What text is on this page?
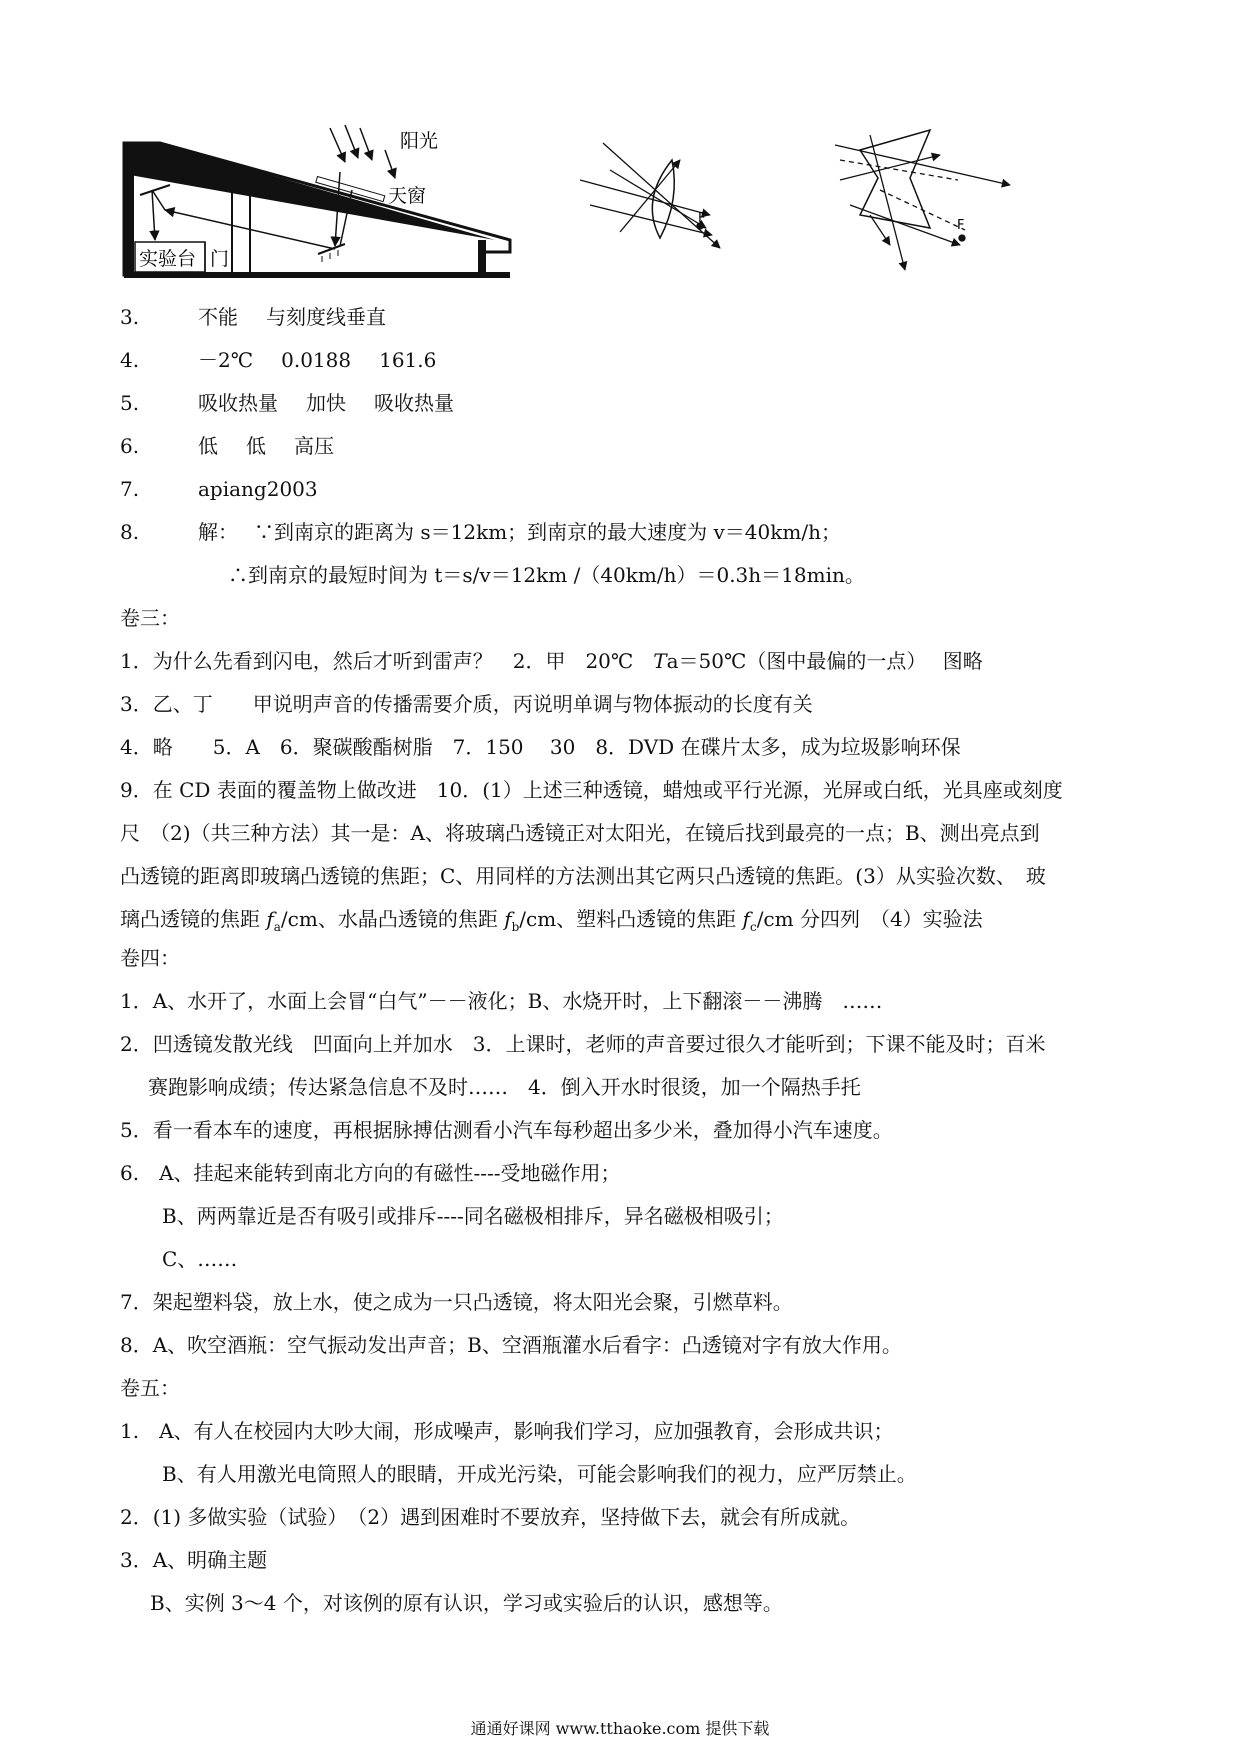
阳光
天窗
实验台 门
F	F
3.	不能 与刻度线垂直
4.	－2℃ 0.0188 161.6
5.	吸收热量 加快 吸收热量
6.	低 低 高压
7.	apiang2003
8.	解： ∵到南京的距离为 s＝12km；到南京的最大速度为 v＝40km/h；
∴到南京的最短时间为 t＝s/v＝12km /（40km/h）＝0.3h＝18min。
卷三：
1．为什么先看到闪电，然后才听到雷声？　2．甲　20℃　Ta＝50℃（图中最偏的一点）　 图略
3．乙、丁　　甲说明声音的传播需要介质，丙说明单调与物体振动的长度有关
4．略　　5．A　6．聚碳酸酯树脂　7．150　 30　8．DVD 在碟片太多，成为垃圾影响环保
9．在 CD 表面的覆盖物上做改进　10．(1）上述三种透镜，蜡烛或平行光源，光屏或白纸，光具座或刻度
尺　（2)（共三种方法）其一是：A、将玻璃凸透镜正对太阳光，在镜后找到最亮的一点；B、测出亮点到
凸透镜的距离即玻璃凸透镜的焦距；C、用同样的方法测出其它两只凸透镜的焦距。(3）从实验次数、　玻
璃凸透镜的焦距 $f_a/cm$、水晶凸透镜的焦距 $f_b/cm$、塑料凸透镜的焦距 $f_c/cm$ 分四列　（4）实验法
卷四：
1．A、水开了，水面上会冒“白气”－－液化；B、水烧开时，上下翻滚－－沸腾　……
2．凹透镜发散光线　凹面向上并加水　3．上课时，老师的声音要过很久才能听到；下课不能及时；百米
赛跑影响成绩；传达紧急信息不及时……　4．倒入开水时很烫，加一个隔热手托
5．看一看本车的速度，再根据脉搏估测看小汽车每秒超出多少米，叠加得小汽车速度。
6.　A、挂起来能转到南北方向的有磁性----受地磁作用；
B、两两靠近是否有吸引或排斥----同名磁极相排斥，异名磁极相吸引；
C、……
7．架起塑料袋，放上水，使之成为一只凸透镜，将太阳光会聚，引燃草料。
8．A、吹空酒瓶：空气振动发出声音；B、空酒瓶灌水后看字：凸透镜对字有放大作用。
卷五：
1.　A、有人在校园内大吵大闹，形成噪声，影响我们学习，应加强教育，会形成共识；
B、有人用激光电筒照人的眼睛，开成光污染，可能会影响我们的视力，应严厉禁止。
2．(1) 多做实验（试验）　（2）遇到困难时不要放弃，坚持做下去，就会有所成就。
3．A、明确主题
B、实例 3～4 个，对该例的原有认识，学习或实验后的认识，感想等。
通通好课网 www.tthaoke.com 提供下载
